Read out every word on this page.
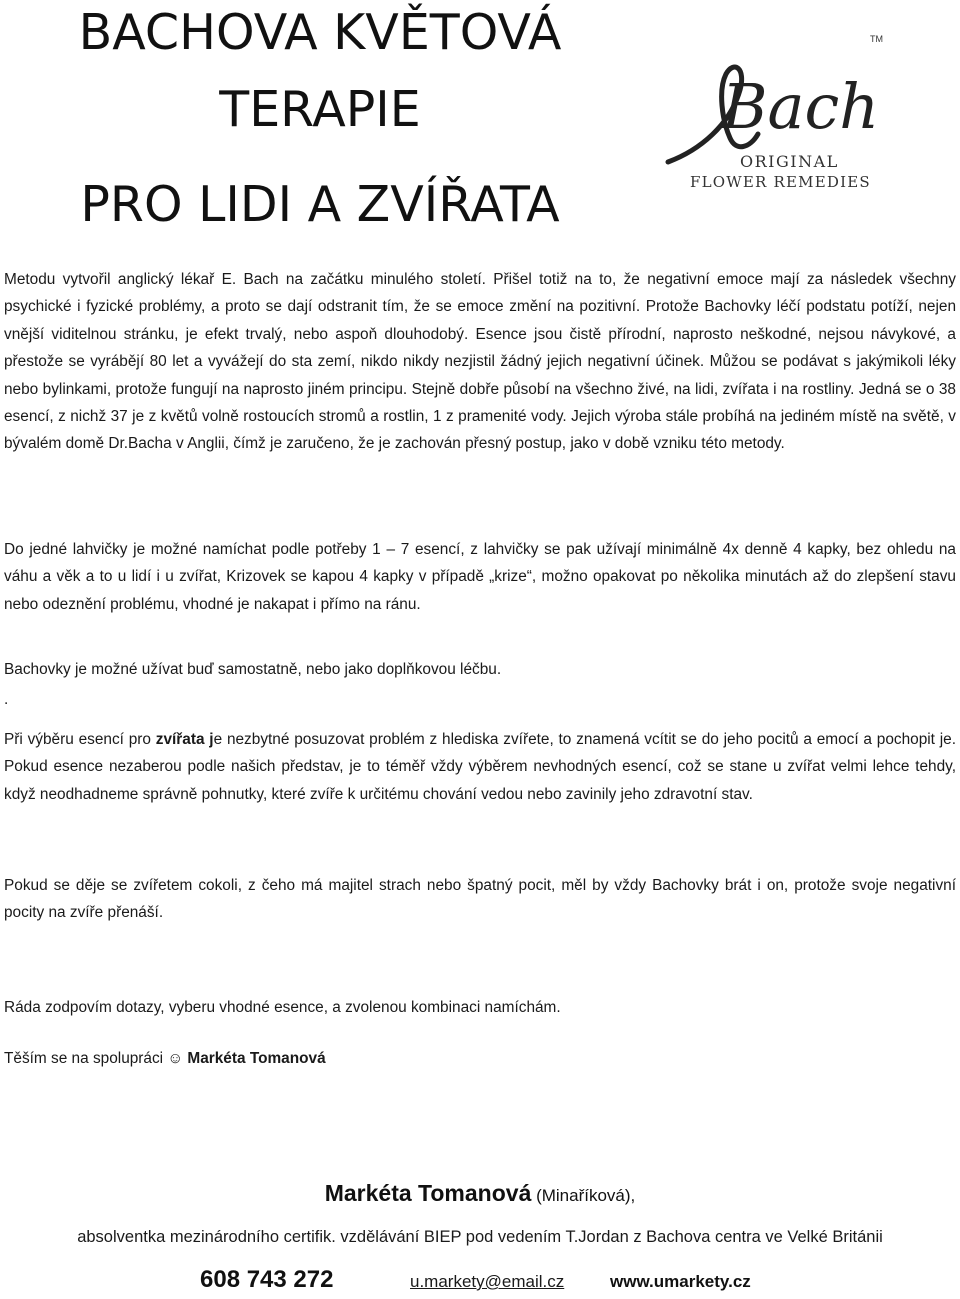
BACHOVA KVĚTOVÁ
TERAPIE
PRO LIDI A ZVÍŘATA
Bach
TM
ORIGINAL
FLOWER REMEDIES

Metodu vytvořil anglický lékař E. Bach na začátku minulého století. Přišel totiž na to, že negativní emoce mají za následek všechny psychické i fyzické problémy, a proto se dají odstranit tím, že se emoce změní na pozitivní. Protože Bachovky léčí podstatu potíží, nejen vnější viditelnou stránku, je efekt trvalý, nebo aspoň dlouhodobý. Esence jsou čistě přírodní, naprosto neškodné, nejsou návykové, a přestože se vyrábějí 80 let a vyvážejí do sta zemí, nikdo nikdy nezjistil žádný jejich negativní účinek. Můžou se podávat s jakýmikoli léky nebo bylinkami, protože fungují na naprosto jiném principu. Stejně dobře působí na všechno živé, na lidi, zvířata i na rostliny. Jedná se o 38 esencí, z nichž 37 je z květů volně rostoucích stromů a rostlin, 1 z pramenité vody. Jejich výroba stále probíhá na jediném místě na světě, v bývalém domě Dr.Bacha v Anglii, čímž je zaručeno, že je zachován přesný postup, jako v době vzniku této metody.

Do jedné lahvičky je možné namíchat podle potřeby 1 – 7 esencí, z lahvičky se pak užívají minimálně 4x denně 4 kapky, bez ohledu na váhu a věk a to u lidí i u zvířat, Krizovek se kapou 4 kapky v případě „krize“, možno opakovat po několika minutách až do zlepšení stavu nebo odeznění problému, vhodné je nakapat i přímo na ránu.

Bachovky je možné užívat buď samostatně, nebo jako doplňkovou léčbu.

.

Při výběru esencí pro zvířata je nezbytné posuzovat problém z hlediska zvířete, to znamená vcítit se do jeho pocitů a emocí a pochopit je. Pokud esence nezaberou podle našich představ, je to téměř vždy výběrem nevhodných esencí, což se stane u zvířat velmi lehce tehdy, když neodhadneme správně pohnutky, které zvíře k určitému chování vedou nebo zavinily jeho zdravotní stav.

Pokud se děje se zvířetem cokoli, z čeho má majitel strach nebo špatný pocit, měl by vždy Bachovky brát i on, protože svoje negativní pocity na zvíře přenáší.

Ráda zodpovím dotazy, vyberu vhodné esence, a zvolenou kombinaci namíchám.

Těším se na spolupráci ☺ Markéta Tomanová

Markéta Tomanová (Minaříková),
absolventka mezinárodního certifik. vzdělávání BIEP pod vedením T.Jordan z Bachova centra ve Velké Británii
608 743 272	u.markety@email.cz	www.umarkety.cz
